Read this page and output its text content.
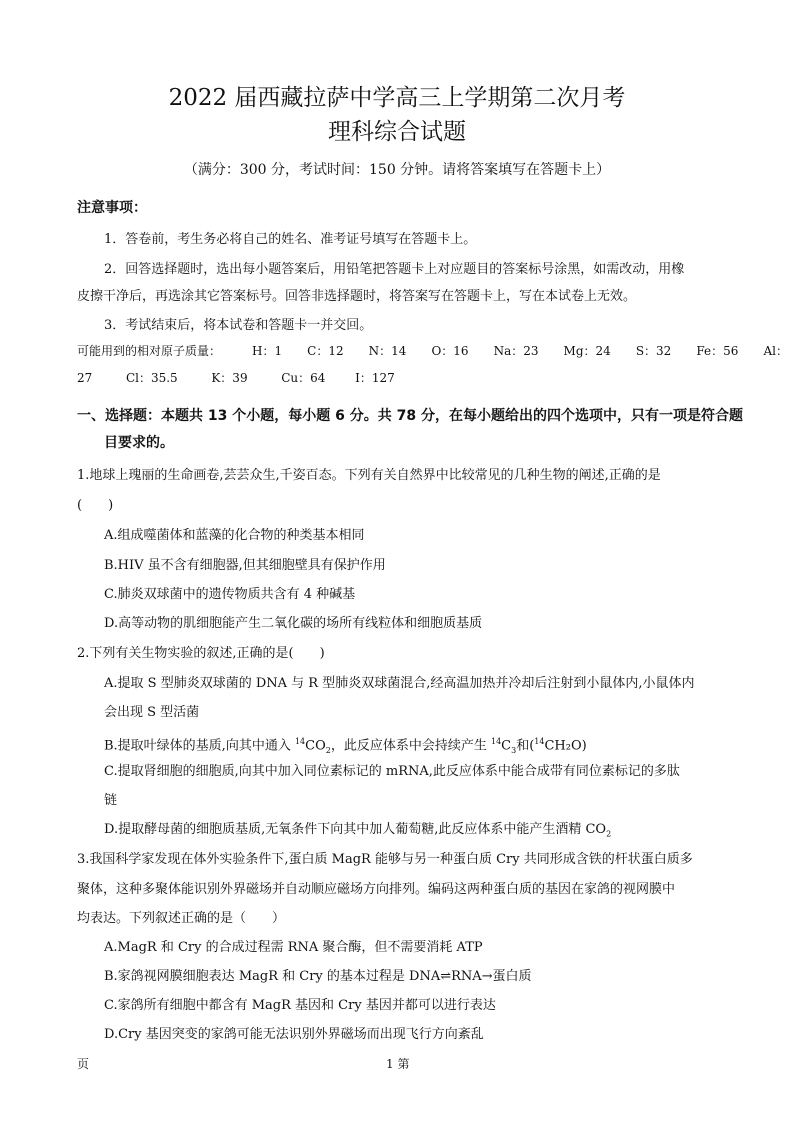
2022 届西藏拉萨中学高三上学期第二次月考
理科综合试题
（满分：300 分，考试时间：150 分钟。请将答案填写在答题卡上）
注意事项：
1．答卷前，考生务必将自己的姓名、准考证号填写在答题卡上。
2．回答选择题时，选出每小题答案后，用铅笔把答题卡上对应题目的答案标号涂黑，如需改动，用橡
皮擦干净后，再选涂其它答案标号。回答非选择题时，将答案写在答题卡上，写在本试卷上无效。
3．考试结束后，将本试卷和答题卡一并交回。
可能用到的相对原子质量：	H：1 C：12 N：14 O：16 Na：23 Mg：24 S：32 Fe：56 Al：
27	Cl：35.5	K：39	Cu：64 I：127
一、选择题：本题共 13 个小题，每小题 6 分。共 78 分，在每小题给出的四个选项中，只有一项是符合题
目要求的。
1.地球上瑰丽的生命画卷,芸芸众生,千姿百态。下列有关自然界中比较常见的几种生物的阐述,正确的是
(　　)
A.组成噬菌体和蓝藻的化合物的种类基本相同
B.HIV 虽不含有细胞器,但其细胞壁具有保护作用
C.肺炎双球菌中的遗传物质共含有 4 种碱基
D.高等动物的肌细胞能产生二氧化碳的场所有线粒体和细胞质基质
2.下列有关生物实验的叙述,正确的是(　　)
A.提取 S 型肺炎双球菌的 DNA 与 R 型肺炎双球菌混合,经高温加热并冷却后注射到小鼠体内,小鼠体内
会出现 S 型活菌
B.提取叶绿体的基质,向其中通入 $^{14}CO_2$，此反应体系中会持续产生 $^{14}C_3$和($^{14}$CH₂O)
C.提取肾细胞的细胞质,向其中加入同位素标记的 mRNA,此反应体系中能合成带有同位素标记的多肽
链
D.提取酵母菌的细胞质基质,无氧条件下向其中加人葡萄糖,此反应体系中能产生酒精 $CO_2$
3.我国科学家发现在体外实验条件下,蛋白质 MagR 能够与另一种蛋白质 Cry 共同形成含铁的杆状蛋白质多
聚体，这种多聚体能识别外界磁场并自动顺应磁场方向排列。编码这两种蛋白质的基因在家鸽的视网膜中
均表达。下列叙述正确的是（　　）
A.MagR 和 Cry 的合成过程需 RNA 聚合酶，但不需要消耗 ATP
B.家鸽视网膜细胞表达 MagR 和 Cry 的基本过程是 DNA⇌RNA→蛋白质
C.家鸽所有细胞中都含有 MagR 基因和 Cry 基因并都可以进行表达
D.Cry 基因突变的家鸽可能无法识别外界磁场而出现飞行方向紊乱
页	1 第
